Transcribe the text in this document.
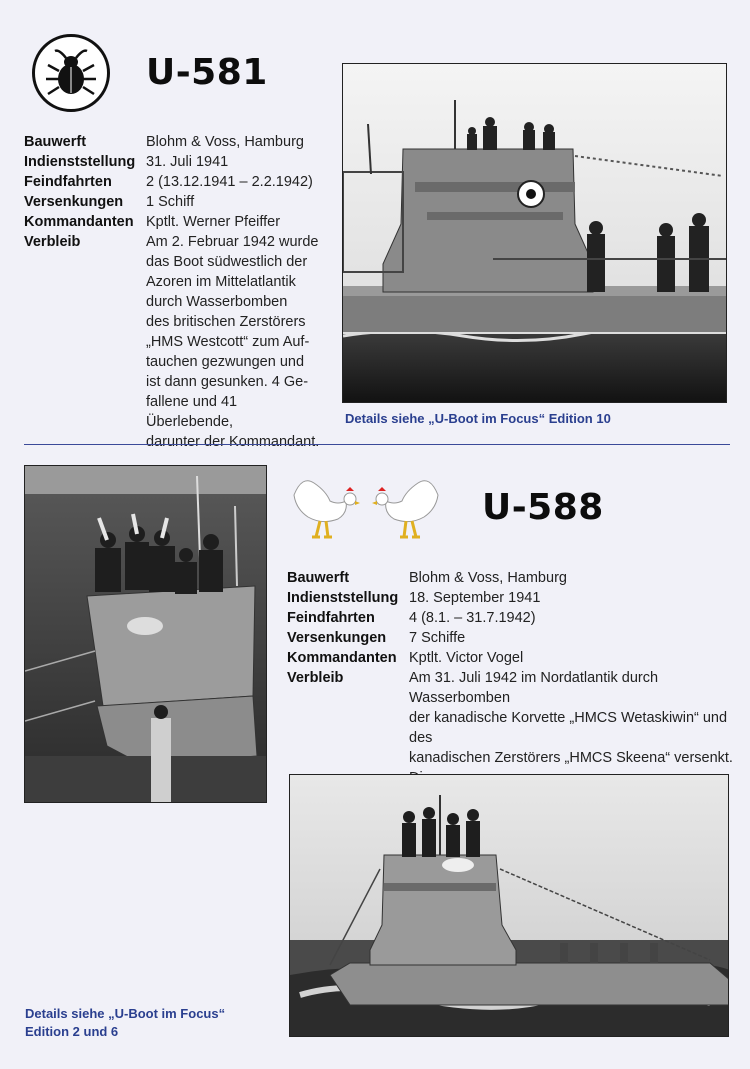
U-581
Bauwerft	Blohm & Voss, Hamburg
Indienststellung 31. Juli 1941
Feindfahrten	2 (13.12.1941 – 2.2.1942)
Versenkungen	1 Schiff
Kommandanten Kptlt. Werner Pfeiffer
Verbleib	Am 2. Februar 1942 wurde
das Boot südwestlich der
Azoren im Mittelatlantik
durch Wasserbomben
des britischen Zerstörers
„HMS Westcott“ zum Auf-
tauchen gezwungen und
ist dann gesunken. 4 Ge-
fallene und 41 Überlebende,
darunter der Kommandant.
Details siehe „U-Boot im Focus“ Edition 10
U-588
Bauwerft	Blohm & Voss, Hamburg
Indienststellung 18. September 1941
Feindfahrten	4 (8.1. – 31.7.1942)
Versenkungen	7 Schiffe
Kommandanten Kptlt. Victor Vogel
Verbleib	Am 31. Juli 1942 im Nordatlantik durch Wasserbomben
der kanadische Korvette „HMCS Wetaskiwin“ und des
kanadischen Zerstörers „HMCS Skeena“ versenkt.
Details siehe „U-Boot im Focus“
Edition 2 und 6
